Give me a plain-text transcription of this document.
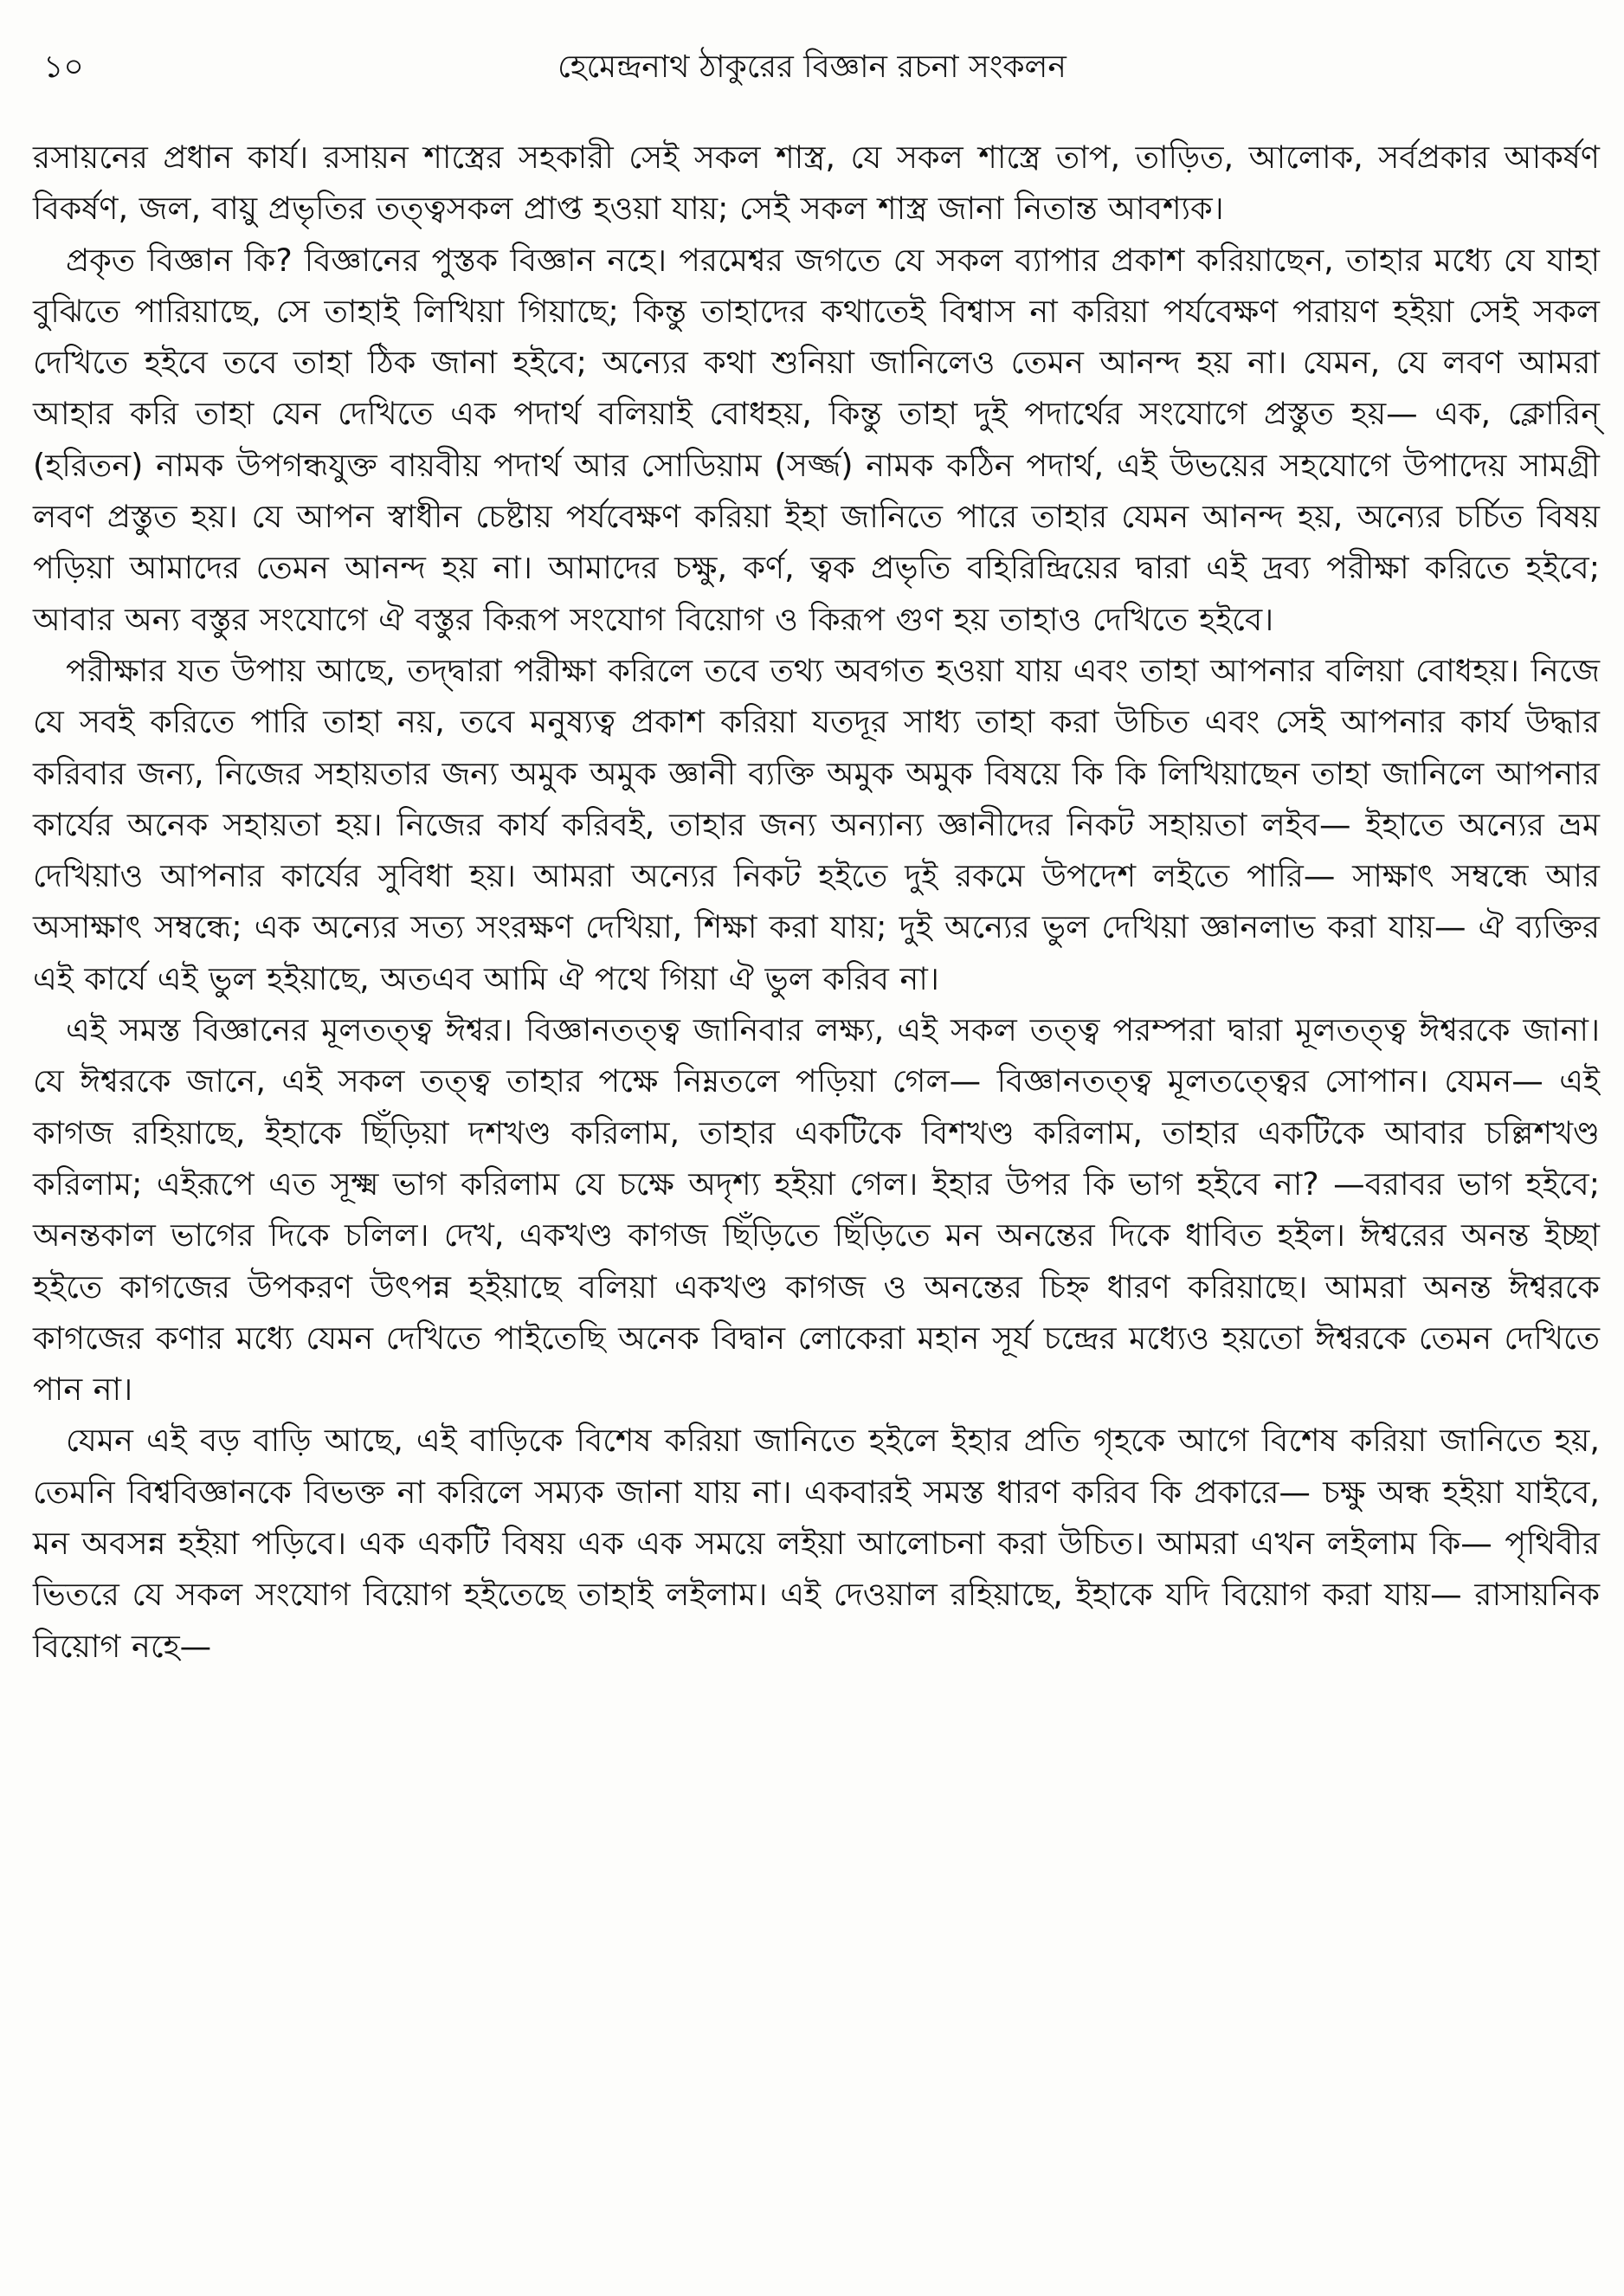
১০	হেমেন্দ্রনাথ ঠাকুরের বিজ্ঞান রচনা সংকলন

রসায়নের প্রধান কার্য। রসায়ন শাস্ত্রের সহকারী সেই সকল শাস্ত্র, যে সকল শাস্ত্রে তাপ, তাড়িত, আলোক, সর্বপ্রকার আকর্ষণ বিকর্ষণ, জল, বায়ু প্রভৃতির তত্ত্বসকল প্রাপ্ত হওয়া যায়; সেই সকল শাস্ত্র জানা নিতান্ত আবশ্যক।

প্রকৃত বিজ্ঞান কি? বিজ্ঞানের পুস্তক বিজ্ঞান নহে। পরমেশ্বর জগতে যে সকল ব্যাপার প্রকাশ করিয়াছেন, তাহার মধ্যে যে যাহা বুঝিতে পারিয়াছে, সে তাহাই লিখিয়া গিয়াছে; কিন্তু তাহাদের কথাতেই বিশ্বাস না করিয়া পর্যবেক্ষণ পরায়ণ হইয়া সেই সকল দেখিতে হইবে তবে তাহা ঠিক জানা হইবে; অন্যের কথা শুনিয়া জানিলেও তেমন আনন্দ হয় না। যেমন, যে লবণ আমরা আহার করি তাহা যেন দেখিতে এক পদার্থ বলিয়াই বোধহয়, কিন্তু তাহা দুই পদার্থের সংযোগে প্রস্তুত হয়— এক, ক্লোরিন্ (হরিতন) নামক উপগন্ধযুক্ত বায়বীয় পদার্থ আর সোডিয়াম (সর্জ্জ) নামক কঠিন পদার্থ, এই উভয়ের সহযোগে উপাদেয় সামগ্রী লবণ প্রস্তুত হয়। যে আপন স্বাধীন চেষ্টায় পর্যবেক্ষণ করিয়া ইহা জানিতে পারে তাহার যেমন আনন্দ হয়, অন্যের চর্চিত বিষয় পড়িয়া আমাদের তেমন আনন্দ হয় না। আমাদের চক্ষু, কর্ণ, ত্বক প্রভৃতি বহিরিন্দ্রিয়ের দ্বারা এই দ্রব্য পরীক্ষা করিতে হইবে; আবার অন্য বস্তুর সংযোগে ঐ বস্তুর কিরূপ সংযোগ বিয়োগ ও কিরূপ গুণ হয় তাহাও দেখিতে হইবে।

পরীক্ষার যত উপায় আছে, তদ্দ্বারা পরীক্ষা করিলে তবে তথ্য অবগত হওয়া যায় এবং তাহা আপনার বলিয়া বোধহয়। নিজে যে সবই করিতে পারি তাহা নয়, তবে মনুষ্যত্ব প্রকাশ করিয়া যতদূর সাধ্য তাহা করা উচিত এবং সেই আপনার কার্য উদ্ধার করিবার জন্য, নিজের সহায়তার জন্য অমুক অমুক জ্ঞানী ব্যক্তি অমুক অমুক বিষয়ে কি কি লিখিয়াছেন তাহা জানিলে আপনার কার্যের অনেক সহায়তা হয়। নিজের কার্য করিবই, তাহার জন্য অন্যান্য জ্ঞানীদের নিকট সহায়তা লইব— ইহাতে অন্যের ভ্রম দেখিয়াও আপনার কার্যের সুবিধা হয়। আমরা অন্যের নিকট হইতে দুই রকমে উপদেশ লইতে পারি— সাক্ষাৎ সম্বন্ধে আর অসাক্ষাৎ সম্বন্ধে; এক অন্যের সত্য সংরক্ষণ দেখিয়া, শিক্ষা করা যায়; দুই অন্যের ভুল দেখিয়া জ্ঞানলাভ করা যায়— ঐ ব্যক্তির এই কার্যে এই ভুল হইয়াছে, অতএব আমি ঐ পথে গিয়া ঐ ভুল করিব না।

এই সমস্ত বিজ্ঞানের মূলতত্ত্ব ঈশ্বর। বিজ্ঞানতত্ত্ব জানিবার লক্ষ্য, এই সকল তত্ত্ব পরম্পরা দ্বারা মূলতত্ত্ব ঈশ্বরকে জানা। যে ঈশ্বরকে জানে, এই সকল তত্ত্ব তাহার পক্ষে নিম্নতলে পড়িয়া গেল— বিজ্ঞানতত্ত্ব মূলতত্ত্বের সোপান। যেমন— এই কাগজ রহিয়াছে, ইহাকে ছিঁড়িয়া দশখণ্ড করিলাম, তাহার একটিকে বিশখণ্ড করিলাম, তাহার একটিকে আবার চল্লিশখণ্ড করিলাম; এইরূপে এত সূক্ষ্ম ভাগ করিলাম যে চক্ষে অদৃশ্য হইয়া গেল। ইহার উপর কি ভাগ হইবে না? —বরাবর ভাগ হইবে; অনন্তকাল ভাগের দিকে চলিল। দেখ, একখণ্ড কাগজ ছিঁড়িতে ছিঁড়িতে মন অনন্তের দিকে ধাবিত হইল। ঈশ্বরের অনন্ত ইচ্ছা হইতে কাগজের উপকরণ উৎপন্ন হইয়াছে বলিয়া একখণ্ড কাগজ ও অনন্তের চিহ্ন ধারণ করিয়াছে। আমরা অনন্ত ঈশ্বরকে কাগজের কণার মধ্যে যেমন দেখিতে পাইতেছি অনেক বিদ্বান লোকেরা মহান সূর্য চন্দ্রের মধ্যেও হয়তো ঈশ্বরকে তেমন দেখিতে পান না।

যেমন এই বড় বাড়ি আছে, এই বাড়িকে বিশেষ করিয়া জানিতে হইলে ইহার প্রতি গৃহকে আগে বিশেষ করিয়া জানিতে হয়, তেমনি বিশ্ববিজ্ঞানকে বিভক্ত না করিলে সম্যক জানা যায় না। একবারই সমস্ত ধারণ করিব কি প্রকারে— চক্ষু অন্ধ হইয়া যাইবে, মন অবসন্ন হইয়া পড়িবে। এক একটি বিষয় এক এক সময়ে লইয়া আলোচনা করা উচিত। আমরা এখন লইলাম কি— পৃথিবীর ভিতরে যে সকল সংযোগ বিয়োগ হইতেছে তাহাই লইলাম। এই দেওয়াল রহিয়াছে, ইহাকে যদি বিয়োগ করা যায়— রাসায়নিক বিয়োগ নহে—
